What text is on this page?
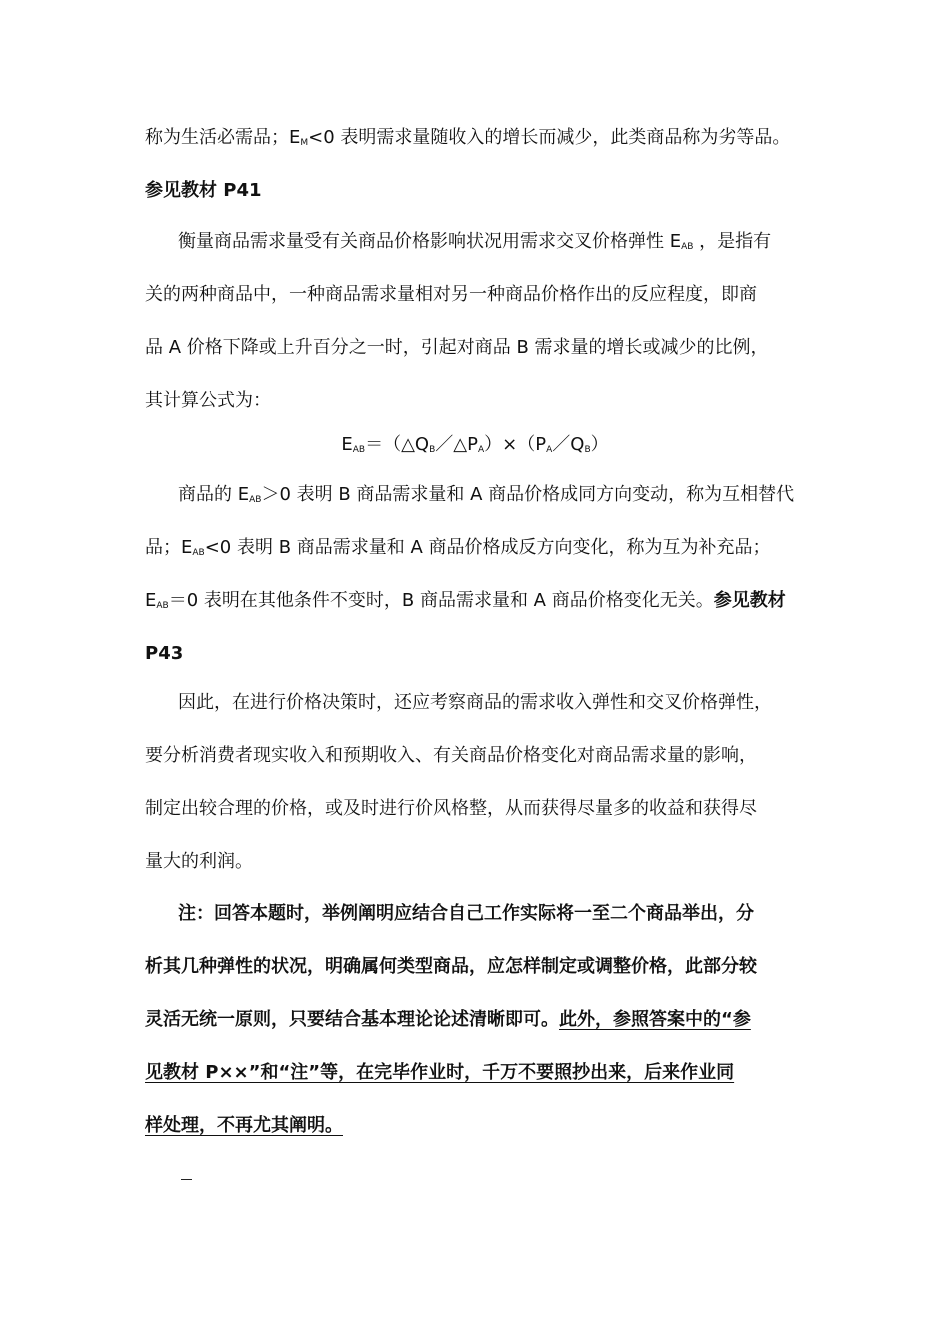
称为生活必需品；$E_M<0$ 表明需求量随收入的增长而减少，此类商品称为劣等品。
参见教材 P41
衡量商品需求量受有关商品价格影响状况用需求交叉价格弹性 $E_{AB}$ ，是指有
关的两种商品中，一种商品需求量相对另一种商品价格作出的反应程度，即商
品 A 价格下降或上升百分之一时，引起对商品 B 需求量的增长或减少的比例，
其计算公式为：
$E_{AB}=(\triangle Q_B/\triangle P_A)\times(P_A/Q_B)$
商品的 $E_{AB}>0$ 表明 B 商品需求量和 A 商品价格成同方向变动，称为互相替代
品；$E_{AB}<0$ 表明 B 商品需求量和 A 商品价格成反方向变化，称为互为补充品；
$E_{AB}=0$ 表明在其他条件不变时，B 商品需求量和 A 商品价格变化无关。参见教材
P43
因此，在进行价格决策时，还应考察商品的需求收入弹性和交叉价格弹性，
要分析消费者现实收入和预期收入、有关商品价格变化对商品需求量的影响，
制定出较合理的价格，或及时进行价风格整，从而获得尽量多的收益和获得尽
量大的利润。
注：回答本题时，举例阐明应结合自己工作实际将一至二个商品举出，分
析其几种弹性的状况，明确属何类型商品，应怎样制定或调整价格，此部分较
灵活无统一原则，只要结合基本理论论述清晰即可。此外，参照答案中的“参
见教材 P××”和“注”等，在完毕作业时，千万不要照抄出来，后来作业同
样处理，不再尤其阐明。
